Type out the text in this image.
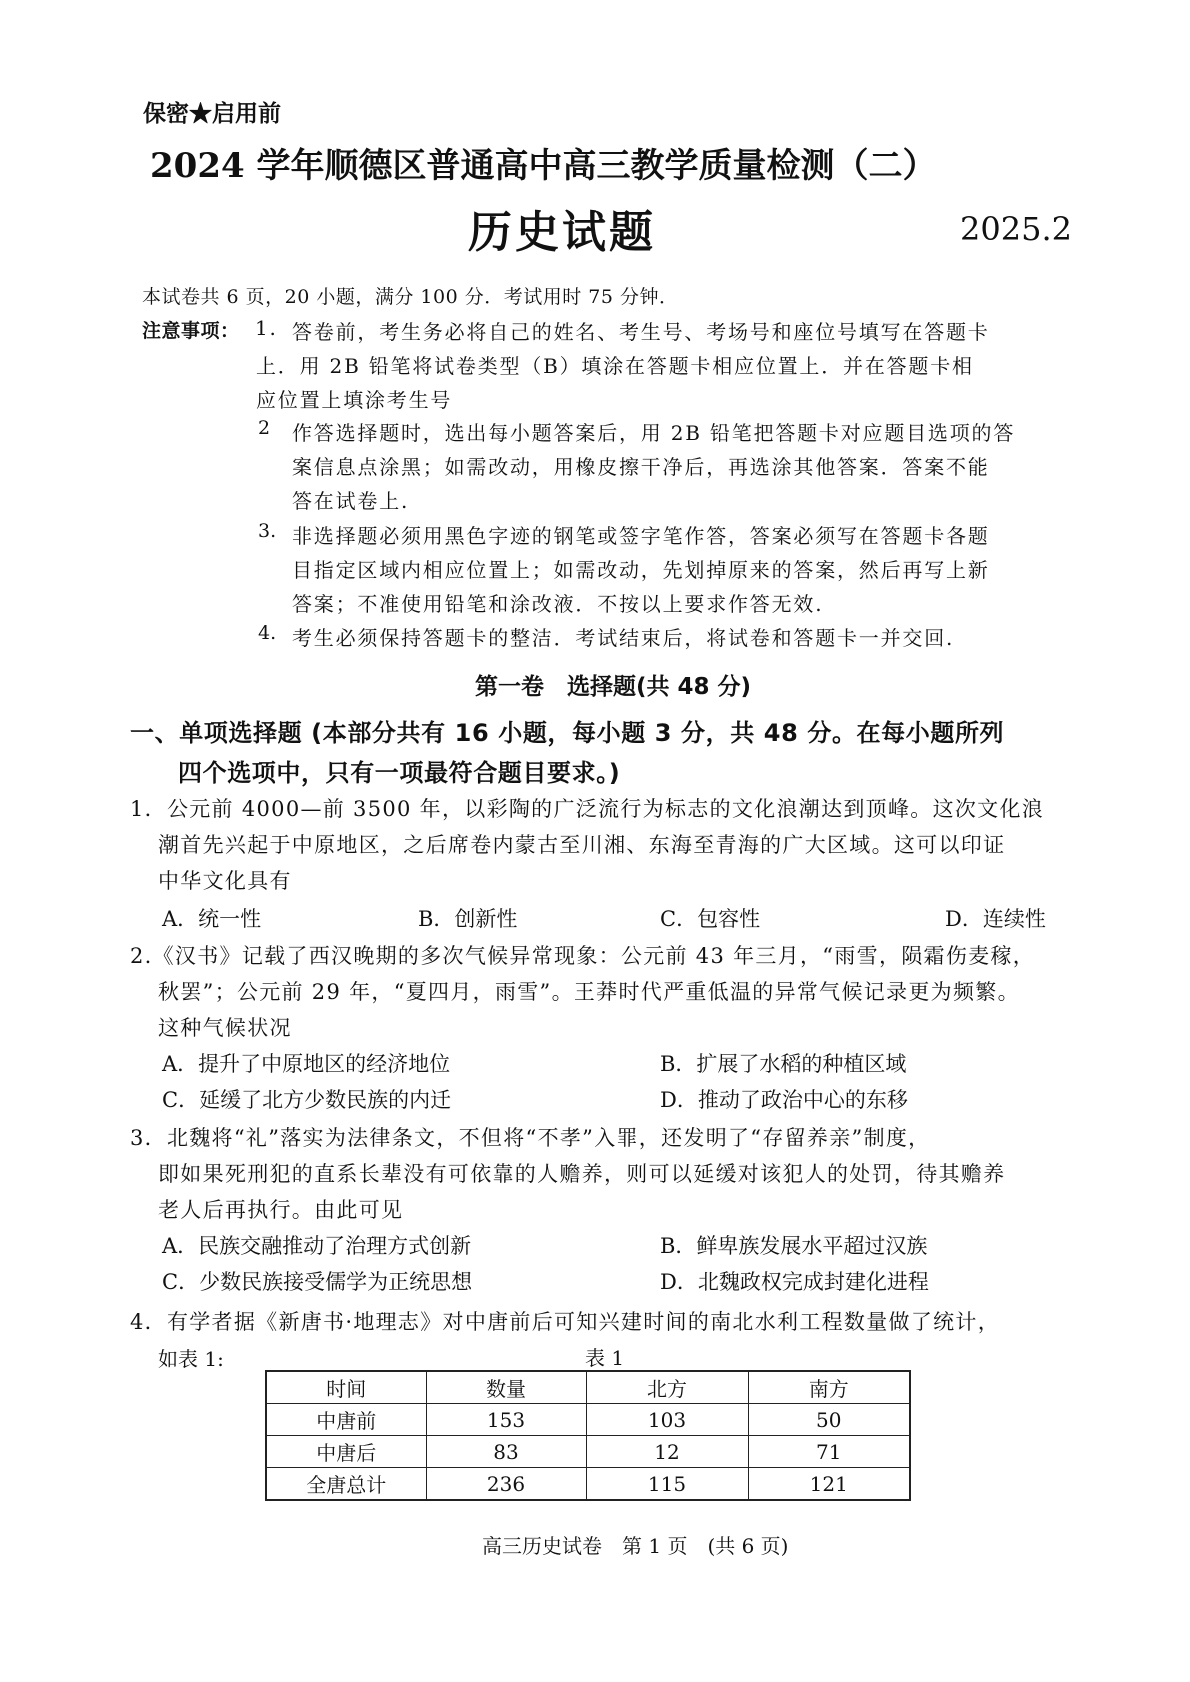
保密★启用前
2024 学年顺德区普通高中高三教学质量检测（二）
历史试题	2025.2
本试卷共 6 页，20 小题，满分 100 分．考试用时 75 分钟．
注意事项： 1. 答卷前，考生务必将自己的姓名、考生号、考场号和座位号填写在答题卡
上．用 2B 铅笔将试卷类型（B）填涂在答题卡相应位置上．并在答题卡相
应位置上填涂考生号
2 作答选择题时，选出每小题答案后，用 2B 铅笔把答题卡对应题目选项的答
案信息点涂黑；如需改动，用橡皮擦干净后，再选涂其他答案．答案不能
答在试卷上.
3. 非选择题必须用黑色字迹的钢笔或签字笔作答，答案必须写在答题卡各题
目指定区域内相应位置上；如需改动，先划掉原来的答案，然后再写上新
答案；不准使用铅笔和涂改液．不按以上要求作答无效.
4. 考生必须保持答题卡的整洁．考试结束后，将试卷和答题卡一并交回.
第一卷　选择题(共 48 分)
一、单项选择题 (本部分共有 16 小题，每小题 3 分，共 48 分。在每小题所列
四个选项中，只有一项最符合题目要求。)
1．公元前 4000—前 3500 年，以彩陶的广泛流行为标志的文化浪潮达到顶峰。这次文化浪
潮首先兴起于中原地区，之后席卷内蒙古至川湘、东海至青海的广大区域。这可以印证
中华文化具有
A．统一性	B．创新性	C．包容性	D．连续性
2.《汉书》记载了西汉晚期的多次气候异常现象：公元前 43 年三月，“雨雪，陨霜伤麦稼，
秋罢”；公元前 29 年，“夏四月，雨雪”。王莽时代严重低温的异常气候记录更为频繁。
这种气候状况
A．提升了中原地区的经济地位	B．扩展了水稻的种植区域
C．延缓了北方少数民族的内迁	D．推动了政治中心的东移
3．北魏将“礼”落实为法律条文，不但将“不孝”入罪，还发明了“存留养亲”制度，
即如果死刑犯的直系长辈没有可依靠的人赡养，则可以延缓对该犯人的处罚，待其赡养
老人后再执行。由此可见
A．民族交融推动了治理方式创新	B．鲜卑族发展水平超过汉族
C．少数民族接受儒学为正统思想	D．北魏政权完成封建化进程
4．有学者据《新唐书·地理志》对中唐前后可知兴建时间的南北水利工程数量做了统计，
如表 1:	表 1
时间	数量	北方	南方
中唐前	153	103	50
中唐后	83	12	71
全唐总计	236	115	121
高三历史试卷　第 1 页　(共 6 页)
